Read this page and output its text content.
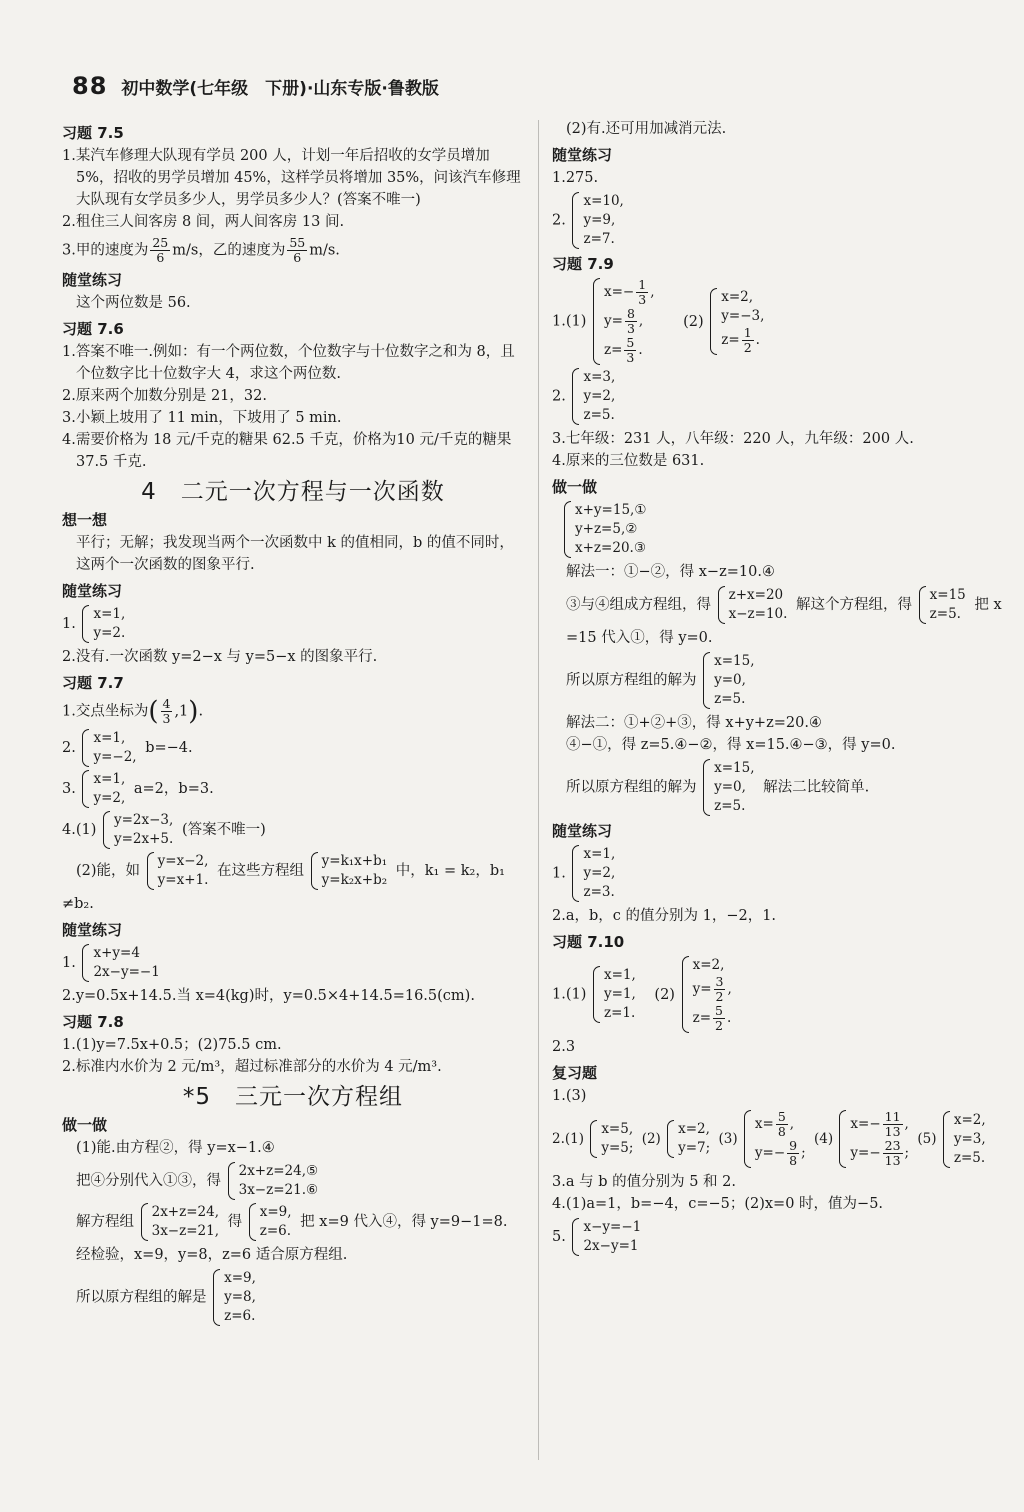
88 初中数学(七年级　下册)·山东专版·鲁教版
习题 7.5

1.某汽车修理大队现有学员 200 人，计划一年后招收的女学员增加 5%，招收的男学员增加 45%，这样学员将增加 35%，问该汽车修理大队现有女学员多少人，男学员多少人？(答案不唯一)

2.租住三人间客房 8 间，两人间客房 13 间.

3.甲的速度为 $\frac{25}{6} m/s$，乙的速度为 $\frac{55}{6} m/s$.

随堂练习

这个两位数是 56.

习题 7.6

1.答案不唯一.例如：有一个两位数，个位数字与十位数字之和为 8，且个位数字比十位数字大 4，求这个两位数.

2.原来两个加数分别是 21，32.

3.小颖上坡用了 11 min，下坡用了 5 min.

4.需要价格为 18 元/千克的糖果 62.5 千克，价格为10 元/千克的糖果 37.5 千克.

4　二元一次方程与一次函数
想一想

平行；无解；我发现当两个一次函数中 k 的值相同，b 的值不同时，这两个一次函数的图象平行.

随堂练习
1.
x=1,
y=2.

2.没有.一次函数 y=2−x 与 y=5−x 的图象平行.

习题 7.7
1.交点坐标为( $\frac{4}{3} ,1$).
2.
x=1,
y=−2,
b=−4.
3.
x=1,
y=2,
a=2，b=3.
4.(1)
y=2x−3,
y=2x+5.
(答案不唯一)
(2)能，如
y=x−2,
y=x+1.
在这些方程组
y=k₁x+b₁
y=k₂x+b₂
中，k₁ = k₂，b₁

≠b₂.

随堂练习
1.
x+y=4
2x−y=−1

2.y=0.5x+14.5.当 x=4(kg)时，y=0.5×4+14.5=16.5(cm).

习题 7.8

1.(1)y=7.5x+0.5；(2)75.5 cm.

2.标准内水价为 2 元/m³，超过标准部分的水价为 4 元/m³.

*5　三元一次方程组
做一做

(1)能.由方程②，得 y=x−1.④

把④分别代入①③，得
2x+z=24,⑤
3x−z=21.⑥
解方程组
2x+z=24,
3x−z=21,
得
x=9,
z=6.
把 x=9 代入④，得 y=9−1=8.

经检验，x=9，y=8，z=6 适合原方程组.

所以原方程组的解是
x=9,
y=8,
z=6.

(2)有.还可用加减消元法.

随堂练习

1.275.

2.
x=10,
y=9,
z=7.
习题 7.9
1.(1)
$x=- \frac{1}{3}$ ,
$y= \frac{8}{3}$ ,
$z= \frac{5}{3}$ .
(2)
x=2,
y=−3,
$z= \frac{1}{2}$ .
2.
x=3,
y=2,
z=5.

3.七年级：231 人，八年级：220 人，九年级：200 人.

4.原来的三位数是 631.

做一做
x+y=15,①
y+z=5,②
x+z=20.③

解法一：①−②，得 x−z=10.④

③与④组成方程组，得
z+x=20
x−z=10.
解这个方程组，得
x=15
z=5.
把 x

=15 代入①，得 y=0.

所以原方程组的解为
x=15,
y=0,
z=5.

解法二：①+②+③，得 x+y+z=20.④

④−①，得 z=5.④−②，得 x=15.④−③，得 y=0.

所以原方程组的解为
x=15,
y=0,
z=5.
解法二比较简单.
随堂练习
1.
x=1,
y=2,
z=3.

2.a，b，c 的值分别为 1，−2，1.

习题 7.10
1.(1)
x=1,
y=1,
z=1.
(2)
x=2,
$y= \frac{3}{2}$ ,
$z= \frac{5}{2}$ .

2.3

复习题

1.(3)

2.(1)
x=5,
y=5;
(2)
x=2,
y=7;
(3)
$x= \frac{5}{8}$ ,
$y=- \frac{9}{8}$ ;
(4)
$x=- \frac{11}{13}$ ,
$y=- \frac{23}{13}$ ;
(5)
x=2,
y=3,
z=5.

3.a 与 b 的值分别为 5 和 2.

4.(1)a=1，b=−4，c=−5；(2)x=0 时，值为−5.

5.
x−y=−1
2x−y=1
